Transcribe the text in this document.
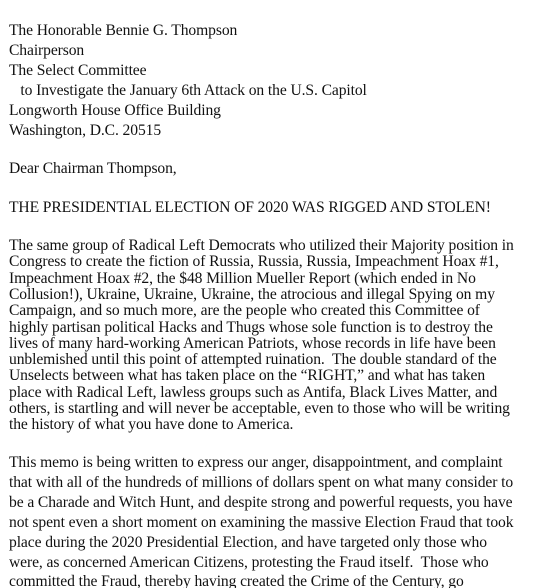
The Honorable Bennie G. Thompson
Chairperson
The Select Committee
to Investigate the January 6th Attack on the U.S. Capitol
Longworth House Office Building
Washington, D.C. 20515
Dear Chairman Thompson,
THE PRESIDENTIAL ELECTION OF 2020 WAS RIGGED AND STOLEN!
The same group of Radical Left Democrats who utilized their Majority position in
Congress to create the fiction of Russia, Russia, Russia, Impeachment Hoax #1,
Impeachment Hoax #2, the $48 Million Mueller Report (which ended in No
Collusion!), Ukraine, Ukraine, Ukraine, the atrocious and illegal Spying on my
Campaign, and so much more, are the people who created this Committee of
highly partisan political Hacks and Thugs whose sole function is to destroy the
lives of many hard-working American Patriots, whose records in life have been
unblemished until this point of attempted ruination.  The double standard of the
Unselects between what has taken place on the “RIGHT,” and what has taken
place with Radical Left, lawless groups such as Antifa, Black Lives Matter, and
others, is startling and will never be acceptable, even to those who will be writing
the history of what you have done to America.
This memo is being written to express our anger, disappointment, and complaint
that with all of the hundreds of millions of dollars spent on what many consider to
be a Charade and Witch Hunt, and despite strong and powerful requests, you have
not spent even a short moment on examining the massive Election Fraud that took
place during the 2020 Presidential Election, and have targeted only those who
were, as concerned American Citizens, protesting the Fraud itself.  Those who
committed the Fraud, thereby having created the Crime of the Century, go
